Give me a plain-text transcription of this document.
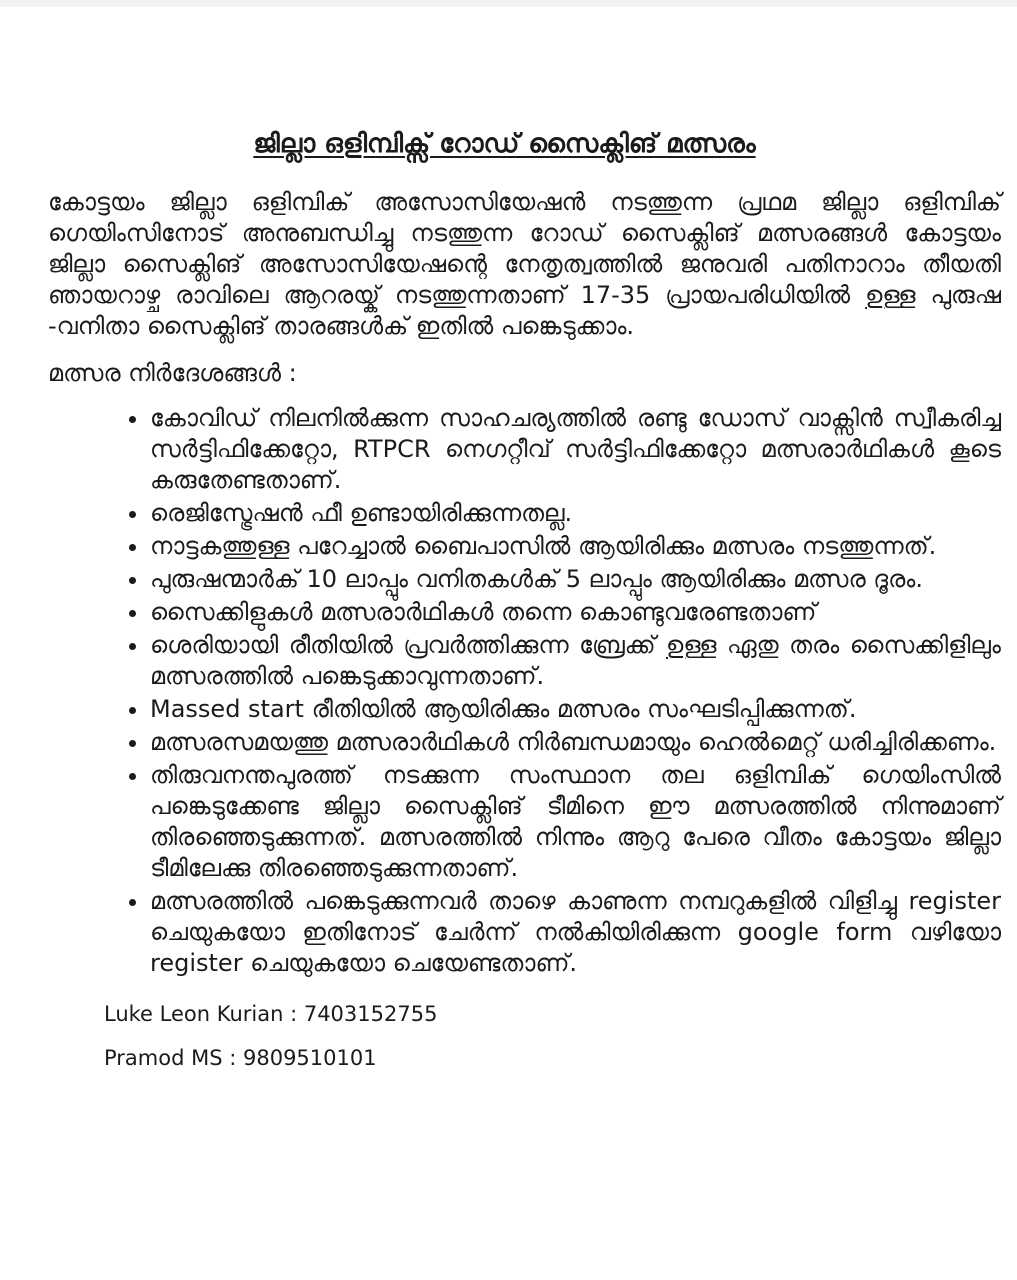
ജില്ലാ ഒളിമ്പിക്സ് റോഡ് സൈക്ലിങ് മത്സരം

കോട്ടയം ജില്ലാ ഒളിമ്പിക് അസോസിയേഷൻ നടത്തുന്ന പ്രഥമ ജില്ലാ ഒളിമ്പിക് ഗെയിംസിനോട് അനുബന്ധിച്ചു നടത്തുന്ന റോഡ് സൈക്ലിങ് മത്സരങ്ങൾ കോട്ടയം ജില്ലാ സൈക്ലിങ് അസോസിയേഷന്റെ നേതൃത്വത്തിൽ ജനുവരി പതിനാറാം തീയതി ഞായറാഴ്ച രാവിലെ ആറരയ്ക് നടത്തുന്നതാണ് 17-35 പ്രായപരിധിയിൽ ഉള്ള പുരുഷ -വനിതാ സൈക്ലിങ് താരങ്ങൾക് ഇതിൽ പങ്കെടുക്കാം.

മത്സര നിർദേശങ്ങൾ :

• കോവിഡ് നിലനിൽക്കുന്ന സാഹചര്യത്തിൽ രണ്ടു ഡോസ് വാക്സിൻ സ്വീകരിച്ച സർട്ടിഫിക്കേറ്റോ, RTPCR നെഗറ്റീവ് സർട്ടിഫിക്കേറ്റോ മത്സരാർഥികൾ കൂടെ കരുതേണ്ടതാണ്.
• രെജിസ്ട്രേഷൻ ഫീ ഉണ്ടായിരിക്കുന്നതല്ല.
• നാട്ടകത്തുള്ള പറേച്ചാൽ ബൈപാസിൽ ആയിരിക്കും മത്സരം നടത്തുന്നത്.
• പുരുഷന്മാർക് 10 ലാപ്പും വനിതകൾക് 5 ലാപ്പും ആയിരിക്കും മത്സര ദൂരം.
• സൈക്കിളുകൾ മത്സരാർഥികൾ തന്നെ കൊണ്ടുവരേണ്ടതാണ്
• ശെരിയായി രീതിയിൽ പ്രവർത്തിക്കുന്ന ബ്രേക്ക് ഉള്ള ഏതു തരം സൈക്കിളിലും മത്സരത്തിൽ പങ്കെടുക്കാവുന്നതാണ്.
• Massed start രീതിയിൽ ആയിരിക്കും മത്സരം സംഘടിപ്പിക്കുന്നത്.
• മത്സരസമയത്തു മത്സരാർഥികൾ നിർബന്ധമായും ഹെൽമെറ്റ് ധരിച്ചിരിക്കണം.
• തിരുവനന്തപുരത്ത് നടക്കുന്ന സംസ്ഥാന തല ഒളിമ്പിക് ഗെയിംസിൽ പങ്കെടുക്കേണ്ട ജില്ലാ സൈക്ലിങ് ടീമിനെ ഈ മത്സരത്തിൽ നിന്നുമാണ് തിരഞ്ഞെടുക്കുന്നത്. മത്സരത്തിൽ നിന്നും ആറു പേരെ വീതം കോട്ടയം ജില്ലാ ടീമിലേക്കു തിരഞ്ഞെടുക്കുന്നതാണ്.
• മത്സരത്തിൽ പങ്കെടുക്കുന്നവർ താഴെ കാണുന്ന നമ്പറുകളിൽ വിളിച്ചു register ചെയുകയോ ഇതിനോട് ചേർന്ന് നൽകിയിരിക്കുന്ന google form വഴിയോ register ചെയുകയോ ചെയേണ്ടതാണ്.

Luke Leon Kurian : 7403152755

Pramod MS : 9809510101
